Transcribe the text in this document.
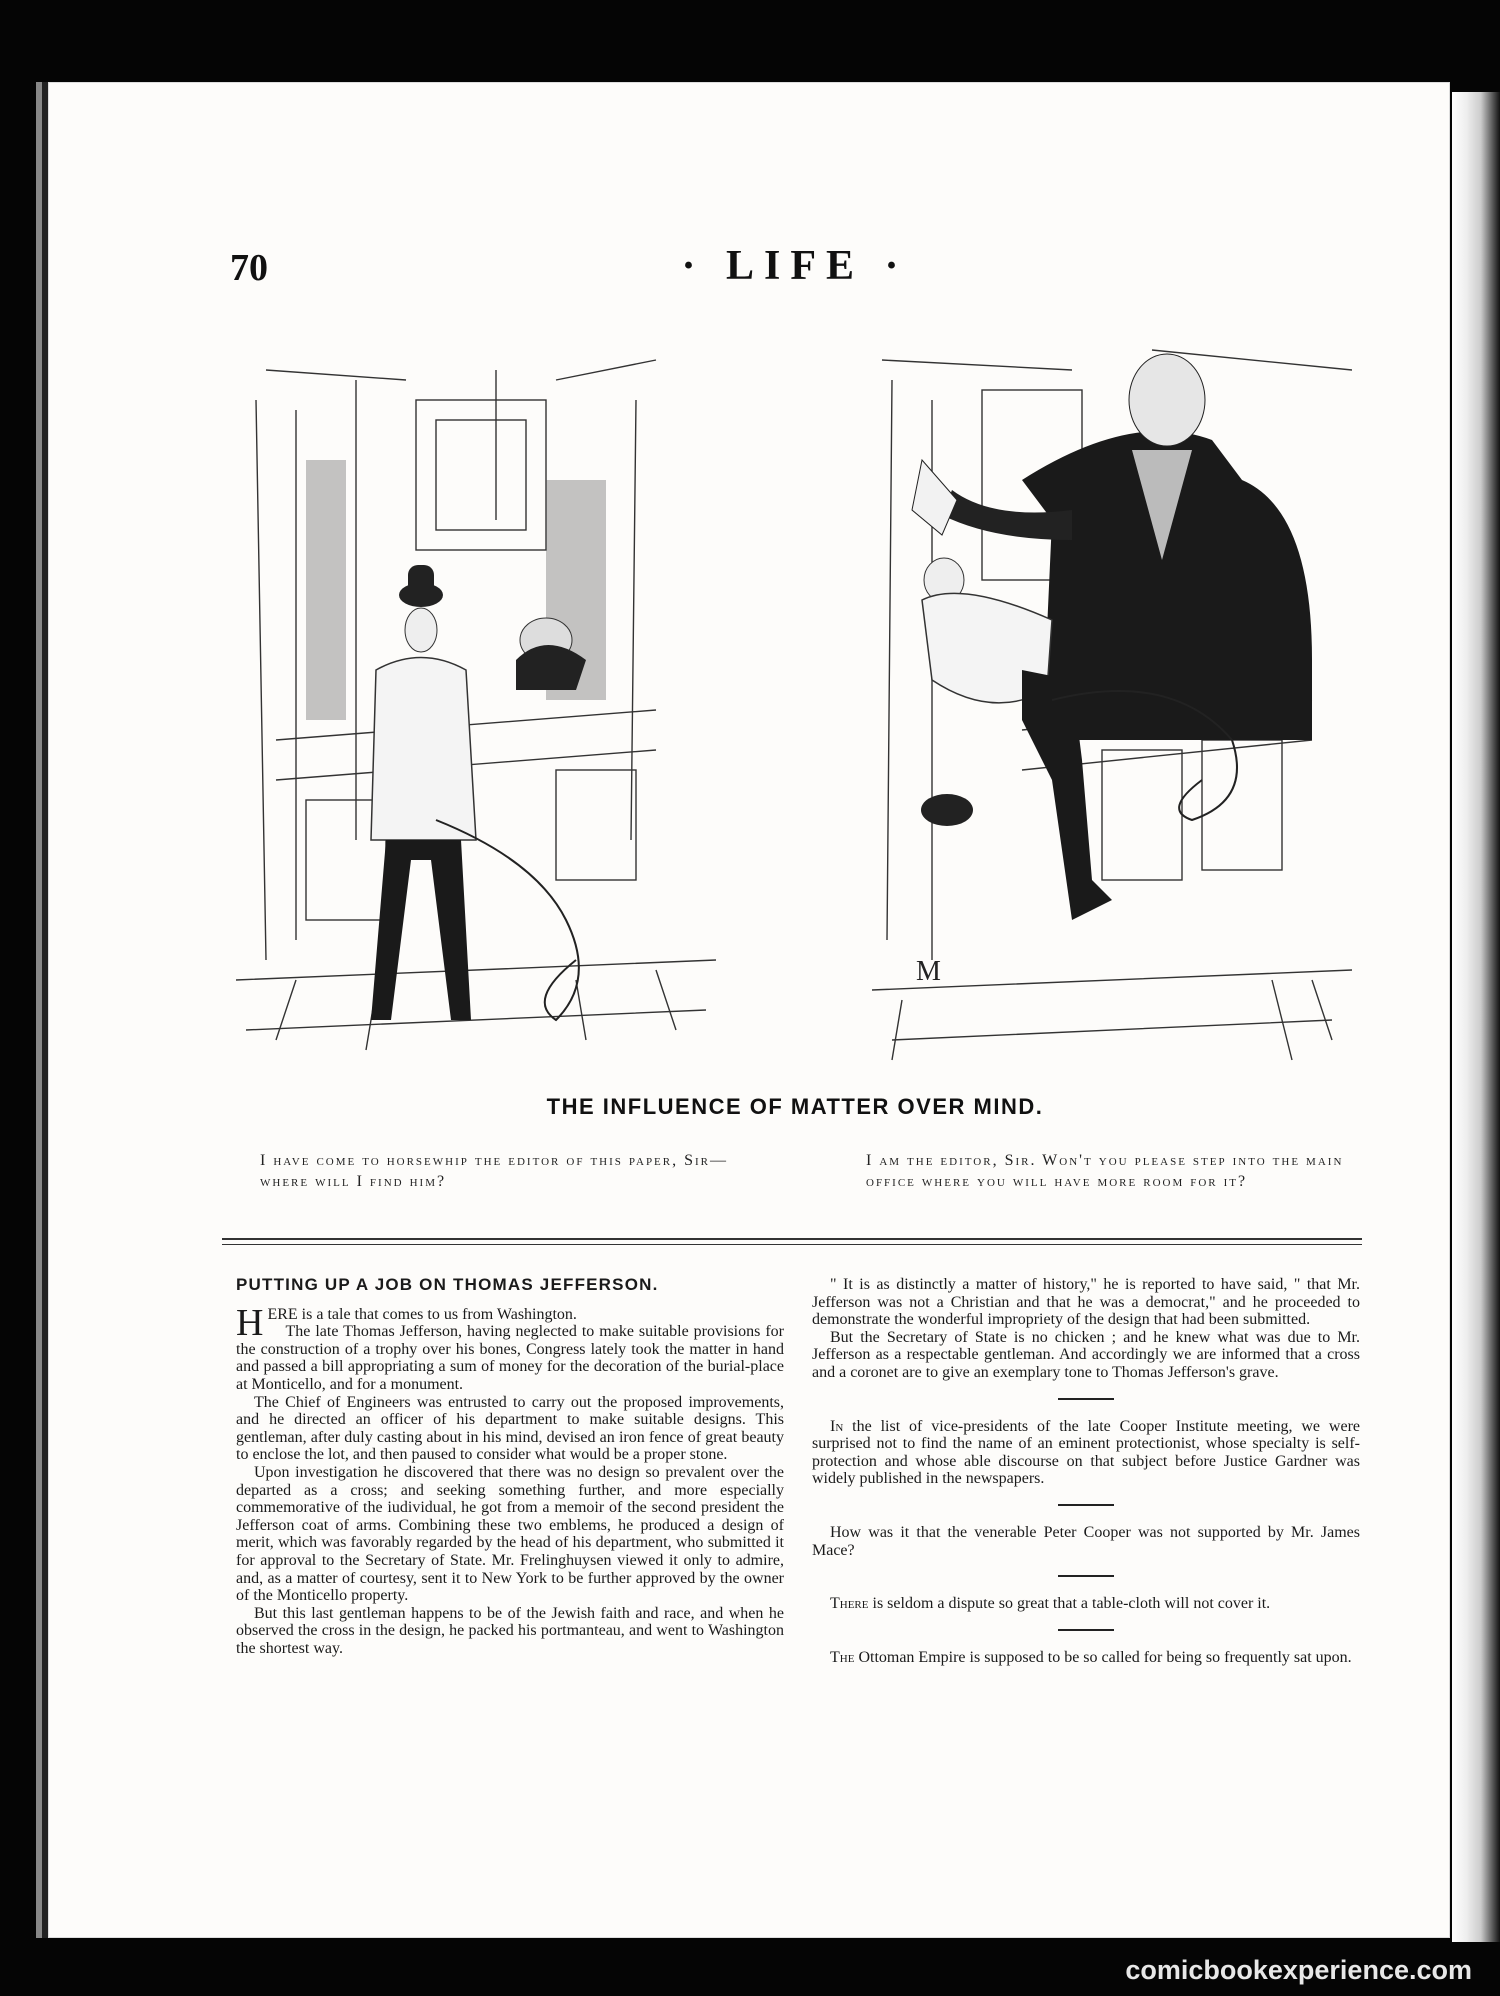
70	· LIFE ·
M
THE INFLUENCE OF MATTER OVER MIND.
I have come to horsewhip the editor of this paper, Sir—where will I find him?
I am the editor, Sir. Won't you please step into the main office where you will have more room for it?
PUTTING UP A JOB ON THOMAS JEFFERSON.

HERE is a tale that comes to us from Washington.

The late Thomas Jefferson, having neglected to make suitable provisions for the construction of a trophy over his bones, Congress lately took the matter in hand and passed a bill appropriating a sum of money for the decoration of the burial-place at Monticello, and for a monument.

The Chief of Engineers was entrusted to carry out the proposed improvements, and he directed an officer of his department to make suitable designs. This gentleman, after duly casting about in his mind, devised an iron fence of great beauty to enclose the lot, and then paused to consider what would be a proper stone.

Upon investigation he discovered that there was no design so prevalent over the departed as a cross; and seeking something further, and more especially commemorative of the iudividual, he got from a memoir of the second president the Jefferson coat of arms. Combining these two emblems, he produced a design of merit, which was favorably regarded by the head of his department, who submitted it for approval to the Secretary of State. Mr. Frelinghuysen viewed it only to admire, and, as a matter of courtesy, sent it to New York to be further approved by the owner of the Monticello property.

But this last gentleman happens to be of the Jewish faith and race, and when he observed the cross in the design, he packed his portmanteau, and went to Washington the shortest way.

" It is as distinctly a matter of history," he is reported to have said, " that Mr. Jefferson was not a Christian and that he was a democrat," and he proceeded to demonstrate the wonderful impropriety of the design that had been submitted.

But the Secretary of State is no chicken ; and he knew what was due to Mr. Jefferson as a respectable gentleman. And accordingly we are informed that a cross and a coronet are to give an exemplary tone to Thomas Jefferson's grave.

In the list of vice-presidents of the late Cooper Institute meeting, we were surprised not to find the name of an eminent protectionist, whose specialty is self-protection and whose able discourse on that subject before Justice Gardner was widely published in the newspapers.

How was it that the venerable Peter Cooper was not supported by Mr. James Mace?

There is seldom a dispute so great that a table-cloth will not cover it.

The Ottoman Empire is supposed to be so called for being so frequently sat upon.

comicbookexperience.com
